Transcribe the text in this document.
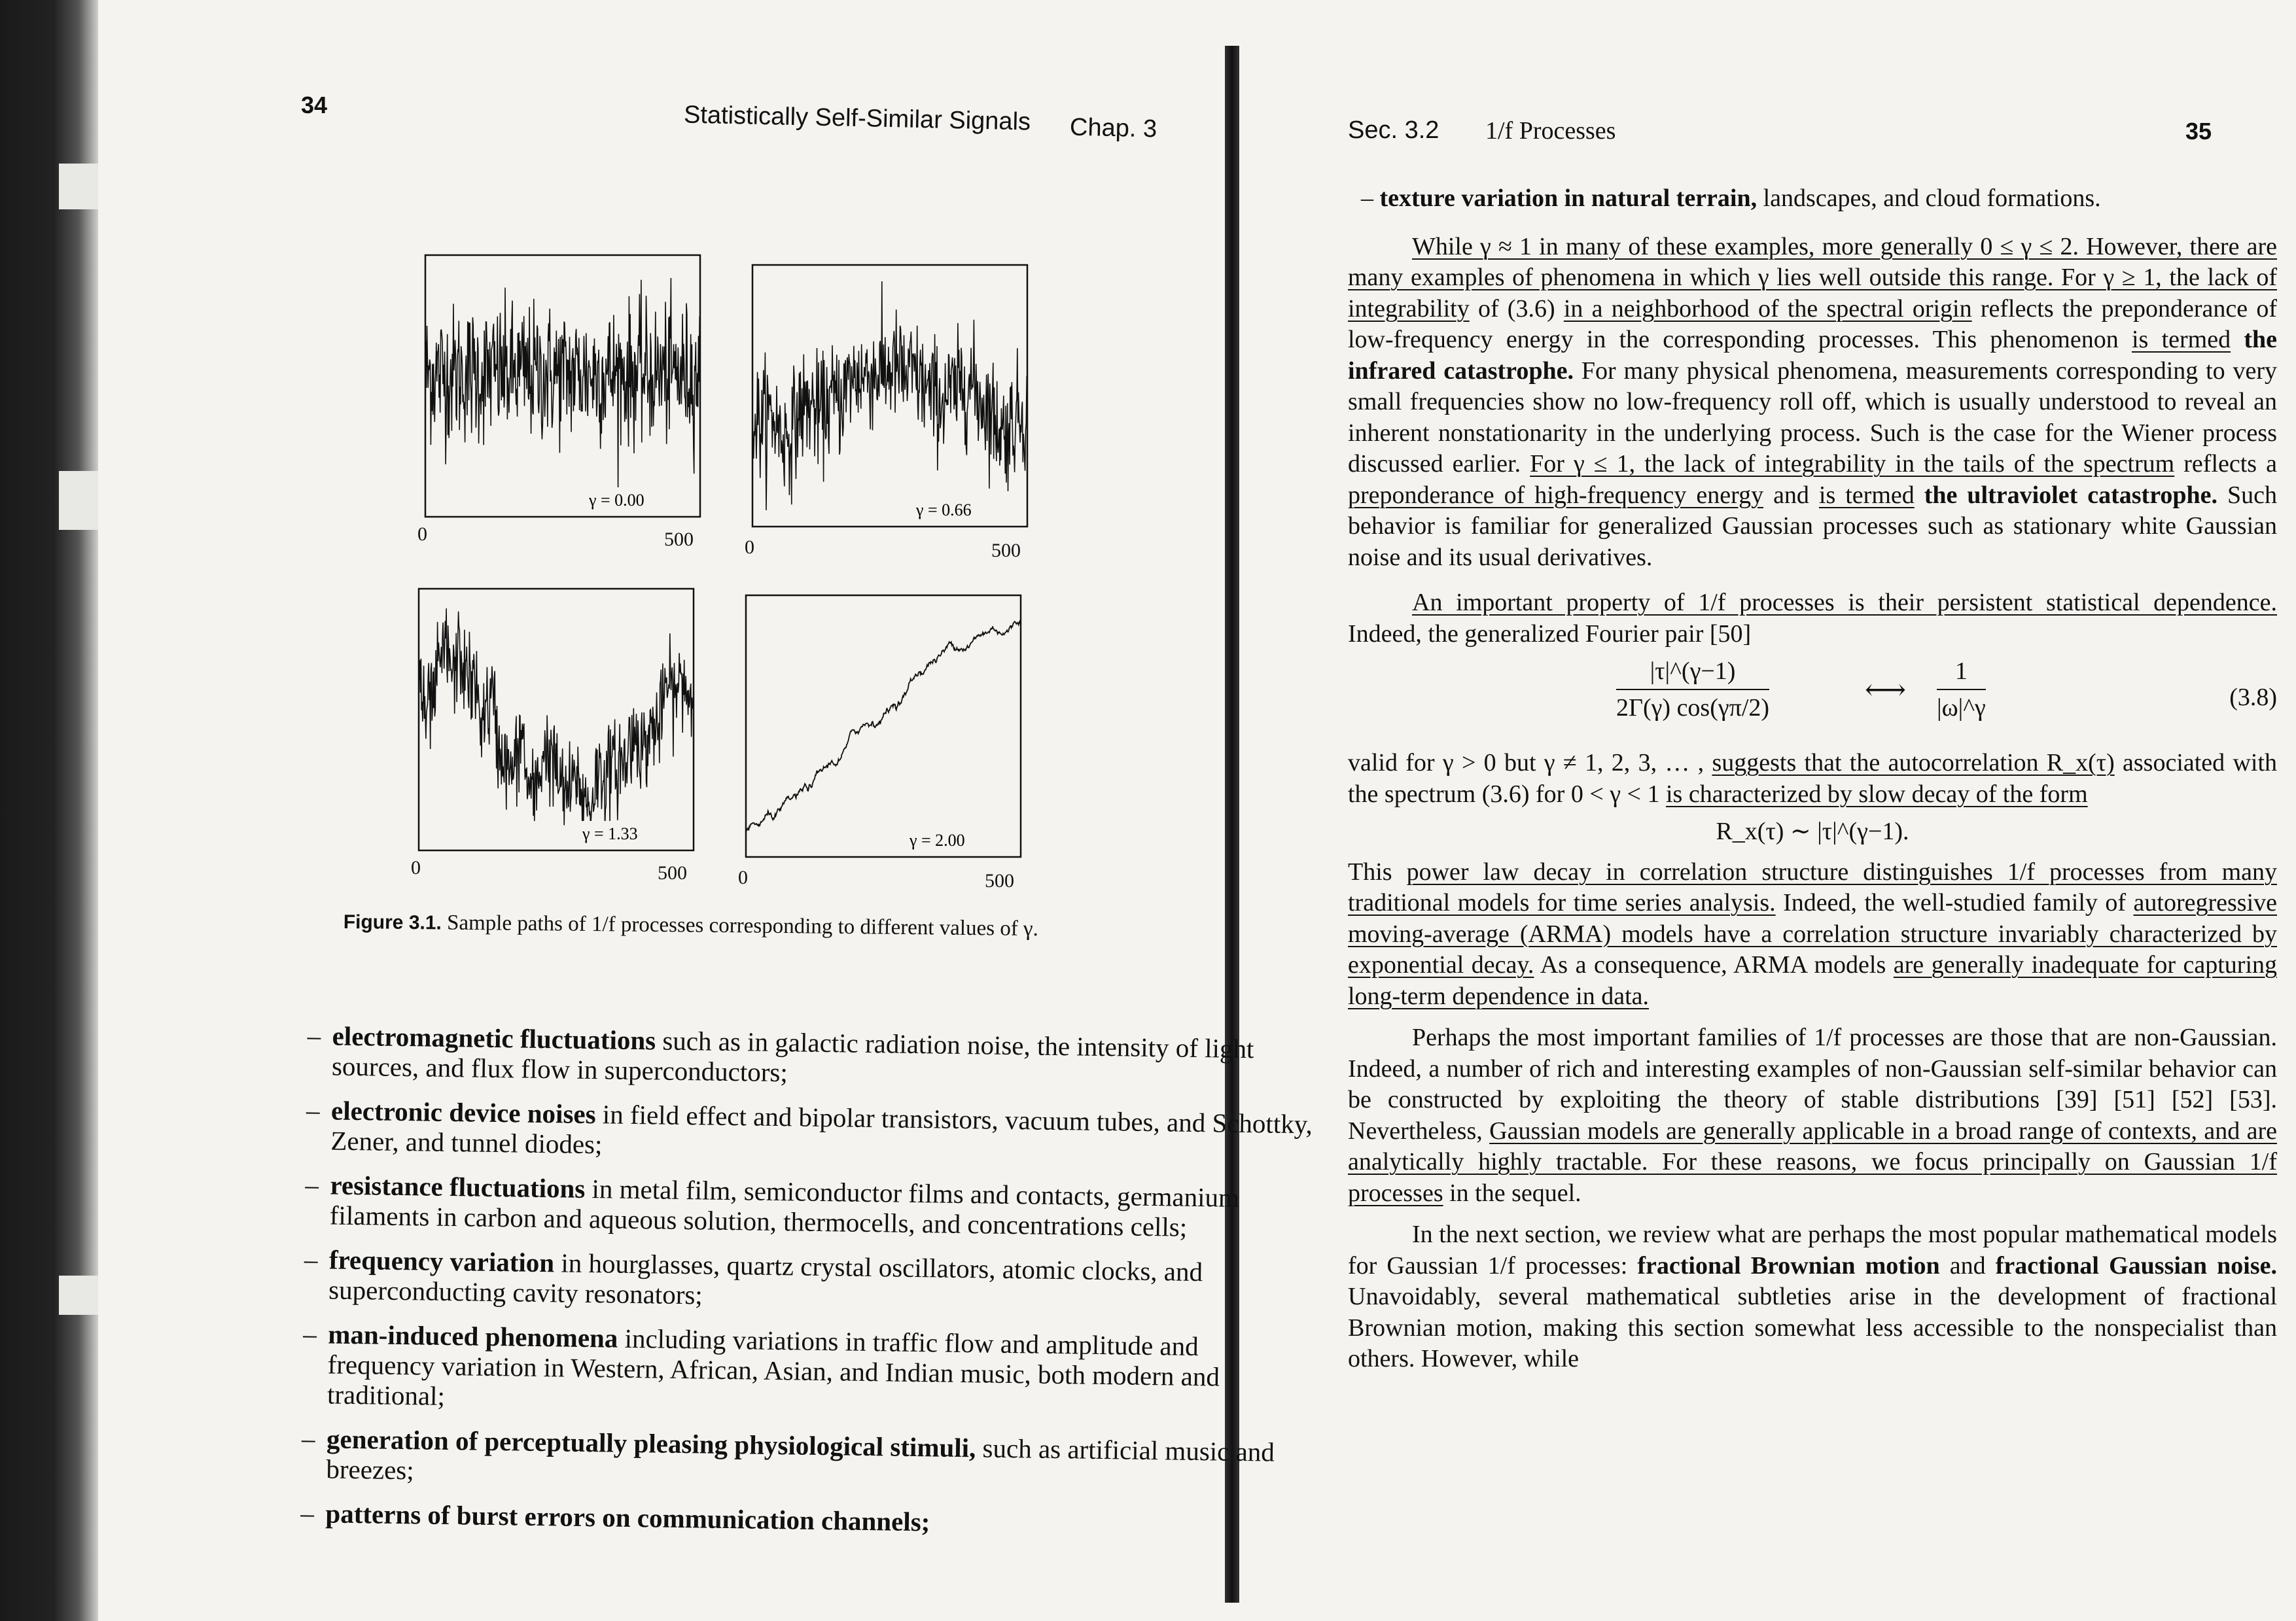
34	Statistically Self-Similar Signals Chap. 3
γ = 0.00
0	500
γ = 0.66
0	500
γ = 1.33
0	500
γ = 2.00
0	500
Figure 3.1. Sample paths of 1/f processes corresponding to different values of γ.
– electromagnetic fluctuations such as in galactic radiation noise, the intensity of light sources, and flux flow in superconductors;
– electronic device noises in field effect and bipolar transistors, vacuum tubes, and Schottky, Zener, and tunnel diodes;
– resistance fluctuations in metal film, semiconductor films and contacts, germanium filaments in carbon and aqueous solution, thermocells, and concentrations cells;
– frequency variation in hourglasses, quartz crystal oscillators, atomic clocks, and superconducting cavity resonators;
– man-induced phenomena including variations in traffic flow and amplitude and frequency variation in Western, African, Asian, and Indian music, both modern and traditional;
– generation of perceptually pleasing physiological stimuli, such as artificial music and breezes;
– patterns of burst errors on communication channels;
Sec. 3.2 1/f Processes	35

– texture variation in natural terrain, landscapes, and cloud formations.

While γ ≈ 1 in many of these examples, more generally 0 ≤ γ ≤ 2. However, there are many examples of phenomena in which γ lies well outside this range. For γ ≥ 1, the lack of integrability of (3.6) in a neighborhood of the spectral origin reflects the preponderance of low-frequency energy in the corresponding processes. This phenomenon is termed the infrared catastrophe. For many physical phenomena, measurements corresponding to very small frequencies show no low-frequency roll off, which is usually understood to reveal an inherent nonstationarity in the underlying process. Such is the case for the Wiener process discussed earlier. For γ ≤ 1, the lack of integrability in the tails of the spectrum reflects a preponderance of high-frequency energy and is termed the ultraviolet catastrophe. Such behavior is familiar for generalized Gaussian processes such as stationary white Gaussian noise and its usual derivatives.

An important property of 1/f processes is their persistent statistical dependence. Indeed, the generalized Fourier pair [50]

$\frac{|\tau|\^{}(\gamma-1)}{2\Gamma(\gamma) \cos(\gamma\pi/2)}$	⟷ $\frac{1}{|\omega|\^{}\gamma}$	(3.8)

valid for γ > 0 but γ ≠ 1, 2, 3, … , suggests that the autocorrelation R_x(τ) associated with the spectrum (3.6) for 0 < γ < 1 is characterized by slow decay of the form

R_x(τ) ∼ |τ|^(γ−1).

This power law decay in correlation structure distinguishes 1/f processes from many traditional models for time series analysis. Indeed, the well-studied family of autoregressive moving-average (ARMA) models have a correlation structure invariably characterized by exponential decay. As a consequence, ARMA models are generally inadequate for capturing long-term dependence in data.

Perhaps the most important families of 1/f processes are those that are non-Gaussian. Indeed, a number of rich and interesting examples of non-Gaussian self-similar behavior can be constructed by exploiting the theory of stable distributions [39] [51] [52] [53]. Nevertheless, Gaussian models are generally applicable in a broad range of contexts, and are analytically highly tractable. For these reasons, we focus principally on Gaussian 1/f processes in the sequel.

In the next section, we review what are perhaps the most popular mathematical models for Gaussian 1/f processes: fractional Brownian motion and fractional Gaussian noise. Unavoidably, several mathematical subtleties arise in the development of fractional Brownian motion, making this section somewhat less accessible to the nonspecialist than others. However, while
